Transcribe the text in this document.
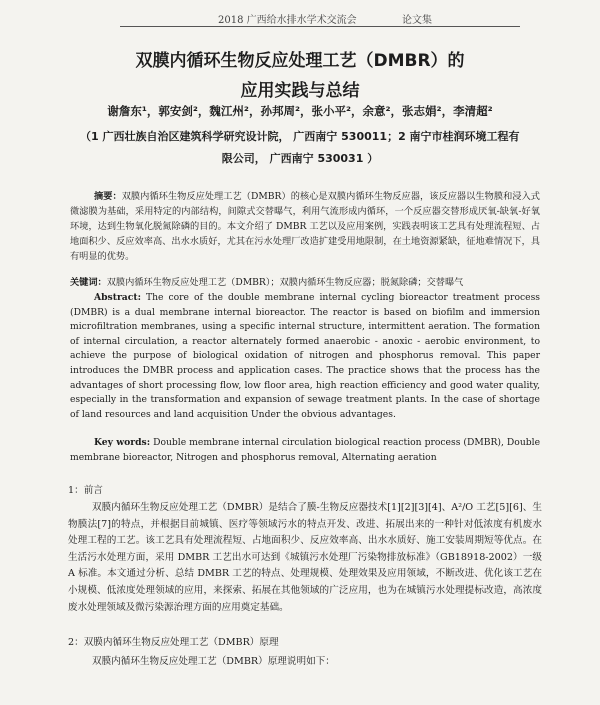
2018 广西给水排水学术交流会	论文集
双膜内循环生物反应处理工艺（DMBR）的
应用实践与总结
谢詹东¹，郭安剑²，魏江州²，孙邦周²，张小平²，余意²，张志娟²，李清超²
（1 广西壮族自治区建筑科学研究设计院， 广西南宁 530011；2 南宁市桂润环境工程有
限公司， 广西南宁 530031 ）
摘要：双膜内循环生物反应处理工艺（DMBR）的核心是双膜内循环生物反应器，该反应器以生物膜和浸入式微滤膜为基础，采用特定的内部结构，间隙式交替曝气，利用气流形成内循环，一个反应器交替形成厌氧-缺氧-好氧环境，达到生物氧化脱氮除磷的目的。本文介绍了 DMBR 工艺以及应用案例，实践表明该工艺具有处理流程短、占地面积少、反应效率高、出水水质好，尤其在污水处理厂改造扩建受用地限制，在土地资源紧缺，征地难情况下，具有明显的优势。
关键词：双膜内循环生物反应处理工艺（DMBR）；双膜内循环生物反应器；脱氮除磷；交替曝气
Abstract: The core of the double membrane internal cycling bioreactor treatment process (DMBR) is a dual membrane internal bioreactor. The reactor is based on biofilm and immersion microfiltration membranes, using a specific internal structure, intermittent aeration. The formation of internal circulation, a reactor alternately formed anaerobic - anoxic - aerobic environment, to achieve the purpose of biological oxidation of nitrogen and phosphorus removal. This paper introduces the DMBR process and application cases. The practice shows that the process has the advantages of short processing flow, low floor area, high reaction efficiency and good water quality, especially in the transformation and expansion of sewage treatment plants. In the case of shortage of land resources and land acquisition Under the obvious advantages.
Key words: Double membrane internal circulation biological reaction process (DMBR), Double membrane bioreactor, Nitrogen and phosphorus removal, Alternating aeration
1：前言
双膜内循环生物反应处理工艺（DMBR）是结合了膜-生物反应器技术[1][2][3][4]、A²/O 工艺[5][6]、生物膜法[7]的特点，并根据目前城镇、医疗等领域污水的特点开发、改进、拓展出来的一种针对低浓度有机废水处理工程的工艺。该工艺具有处理流程短、占地面积少、反应效率高、出水水质好、施工安装周期短等优点。在生活污水处理方面，采用 DMBR 工艺出水可达到《城镇污水处理厂污染物排放标准》（GB18918-2002）一级 A 标准。本文通过分析、总结 DMBR 工艺的特点、处理规模、处理效果及应用领域，不断改进、优化该工艺在小规模、低浓度处理领域的应用，来探索、拓展在其他领域的广泛应用，也为在城镇污水处理提标改造，高浓度废水处理领域及微污染源治理方面的应用奠定基础。
2：双膜内循环生物反应处理工艺（DMBR）原理
双膜内循环生物反应处理工艺（DMBR）原理说明如下：
